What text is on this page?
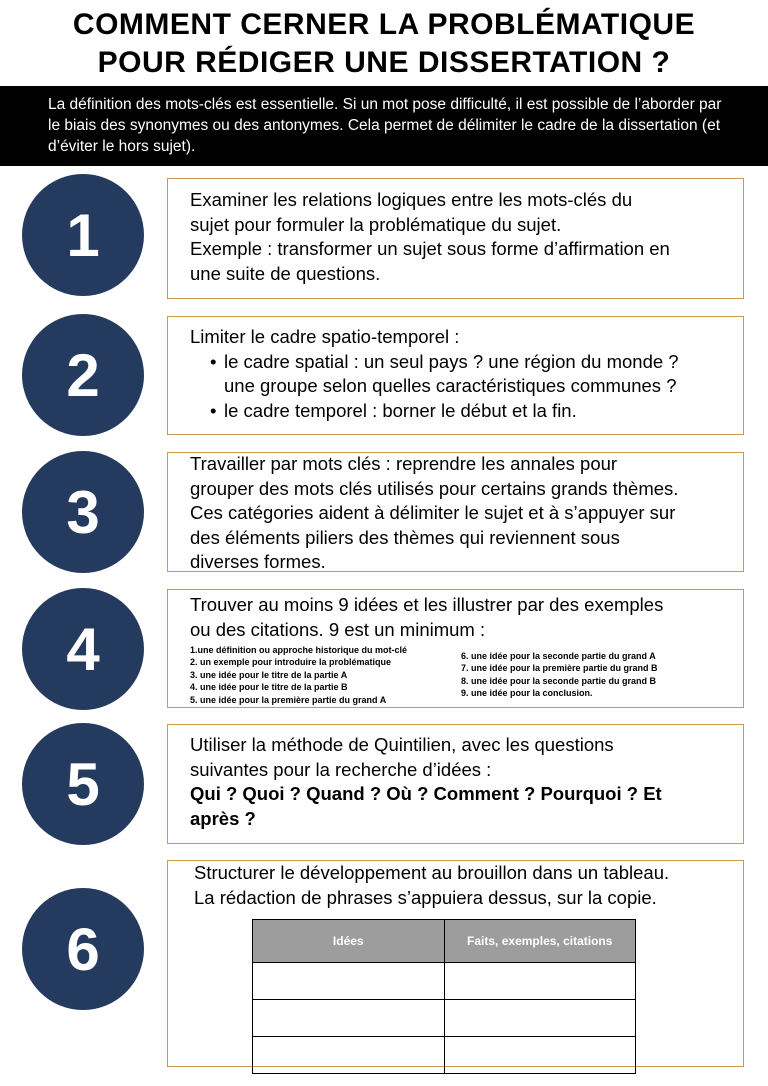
COMMENT CERNER LA PROBLÉMATIQUE
POUR RÉDIGER UNE DISSERTATION ?

La définition des mots-clés est essentielle. Si un mot pose difficulté, il est possible de l’aborder par le biais des synonymes ou des antonymes. Cela permet de délimiter le cadre de la dissertation (et d’éviter le hors sujet).

1
Examiner les relations logiques entre les mots-clés du
sujet pour formuler la problématique du sujet.
Exemple : transformer un sujet sous forme d’affirmation en
une suite de questions.
2
Limiter le cadre spatio-temporel :
• le cadre spatial : un seul pays ? une région du monde ?
une groupe selon quelles caractéristiques communes ?
• le cadre temporel : borner le début et la fin.
3
Travailler par mots clés : reprendre les annales pour
grouper des mots clés utilisés pour certains grands thèmes.
Ces catégories aident à délimiter le sujet et à s’appuyer sur
des éléments piliers des thèmes qui reviennent sous
diverses formes.
4
Trouver au moins 9 idées et les illustrer par des exemples
ou des citations. 9 est un minimum :
1.une définition ou approche historique du mot-clé
2. un exemple pour introduire la problématique
3. une idée pour le titre de la partie A
4. une idée pour le titre de la partie B
5. une idée pour la première partie du grand A
6. une idée pour la seconde partie du grand A
7. une idée pour la première partie du grand B
8. une idée pour la seconde partie du grand B
9. une idée pour la conclusion.
5
Utiliser la méthode de Quintilien, avec les questions
suivantes pour la recherche d’idées :
Qui ? Quoi ? Quand ? Où ? Comment ? Pourquoi ? Et
après ?
6
Structurer le développement au brouillon dans un tableau.
La rédaction de phrases s’appuiera dessus, sur la copie.
Idées	Faits, exemples, citations
